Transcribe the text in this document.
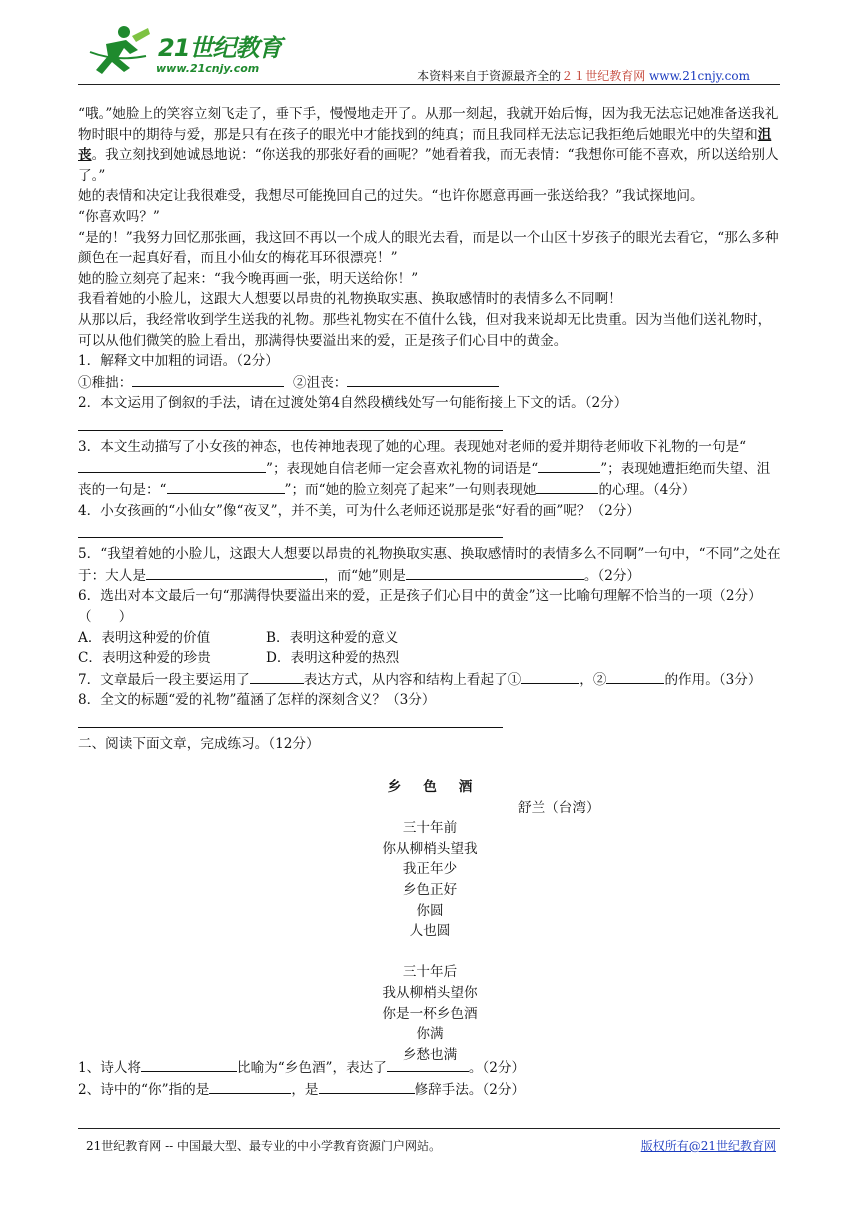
21世纪教育
www.21cnjy.com
本资料来自于资源最齐全的２１世纪教育网 www.21cnjy.com

“哦。”她脸上的笑容立刻飞走了，垂下手，慢慢地走开了。从那一刻起，我就开始后悔，因为我无法忘记她准备送我礼物时眼中的期待与爱，那是只有在孩子的眼光中才能找到的纯真；而且我同样无法忘记我拒绝后她眼光中的失望和沮丧。我立刻找到她诚恳地说：“你送我的那张好看的画呢？”她看着我，而无表情：“我想你可能不喜欢，所以送给别人了。”

她的表情和决定让我很难受，我想尽可能挽回自己的过失。“也许你愿意再画一张送给我？”我试探地问。

“你喜欢吗？”

“是的！”我努力回忆那张画，我这回不再以一个成人的眼光去看，而是以一个山区十岁孩子的眼光去看它，“那么多种颜色在一起真好看，而且小仙女的梅花耳环很漂亮！”

她的脸立刻亮了起来：“我今晚再画一张，明天送给你！”

我看着她的小脸儿，这跟大人想要以昂贵的礼物换取实惠、换取感情时的表情多么不同啊！

从那以后，我经常收到学生送我的礼物。那些礼物实在不值什么钱，但对我来说却无比贵重。因为当他们送礼物时，可以从他们微笑的脸上看出，那满得快要溢出来的爱，正是孩子们心目中的黄金。

1．解释文中加粗的词语。（2分）

①稚拙：	②沮丧：

2．本文运用了倒叙的手法，请在过渡处第4自然段横线处写一句能衔接上下文的话。（2分）

3．本文生动描写了小女孩的神态，也传神地表现了她的心理。表现她对老师的爱并期待老师收下礼物的一句是“”；表现她自信老师一定会喜欢礼物的词语是“	”；表现她遭拒绝而失望、沮丧的一句是：“	”；而“她的脸立刻亮了起来”一句则表现她	的心理。（4分）

4．小女孩画的“小仙女”像“夜叉”，并不美，可为什么老师还说那是张“好看的画”呢？（2分）

5．“我望着她的小脸儿，这跟大人想要以昂贵的礼物换取实惠、换取感情时的表情多么不同啊”一句中，“不同”之处在于：大人是	，而“她”则是	。（2分）

6．选出对本文最后一句“那满得快要溢出来的爱，正是孩子们心目中的黄金”这一比喻句理解不恰当的一项（2分）（　　）

A．表明这种爱的价值	B．表明这种爱的意义
C．表明这种爱的珍贵	D．表明这种爱的热烈

7．文章最后一段主要运用了	表达方式，从内容和结构上看起了①	，②	的作用。（3分）

8．全文的标题“爱的礼物”蕴涵了怎样的深刻含义？（3分）

二、阅读下面文章，完成练习。（12分）

乡色酒
舒兰（台湾）
三十年前
你从柳梢头望我
我正年少
乡色正好
你圆
人也圆
三十年后
我从柳梢头望你
你是一杯乡色酒
你满
乡愁也满

1、诗人将	比喻为“乡色酒”，表达了	。（2分）

2、诗中的“你”指的是	，是	修辞手法。（2分）

21世纪教育网 -- 中国最大型、最专业的中小学教育资源门户网站。	版权所有@21世纪教育网
